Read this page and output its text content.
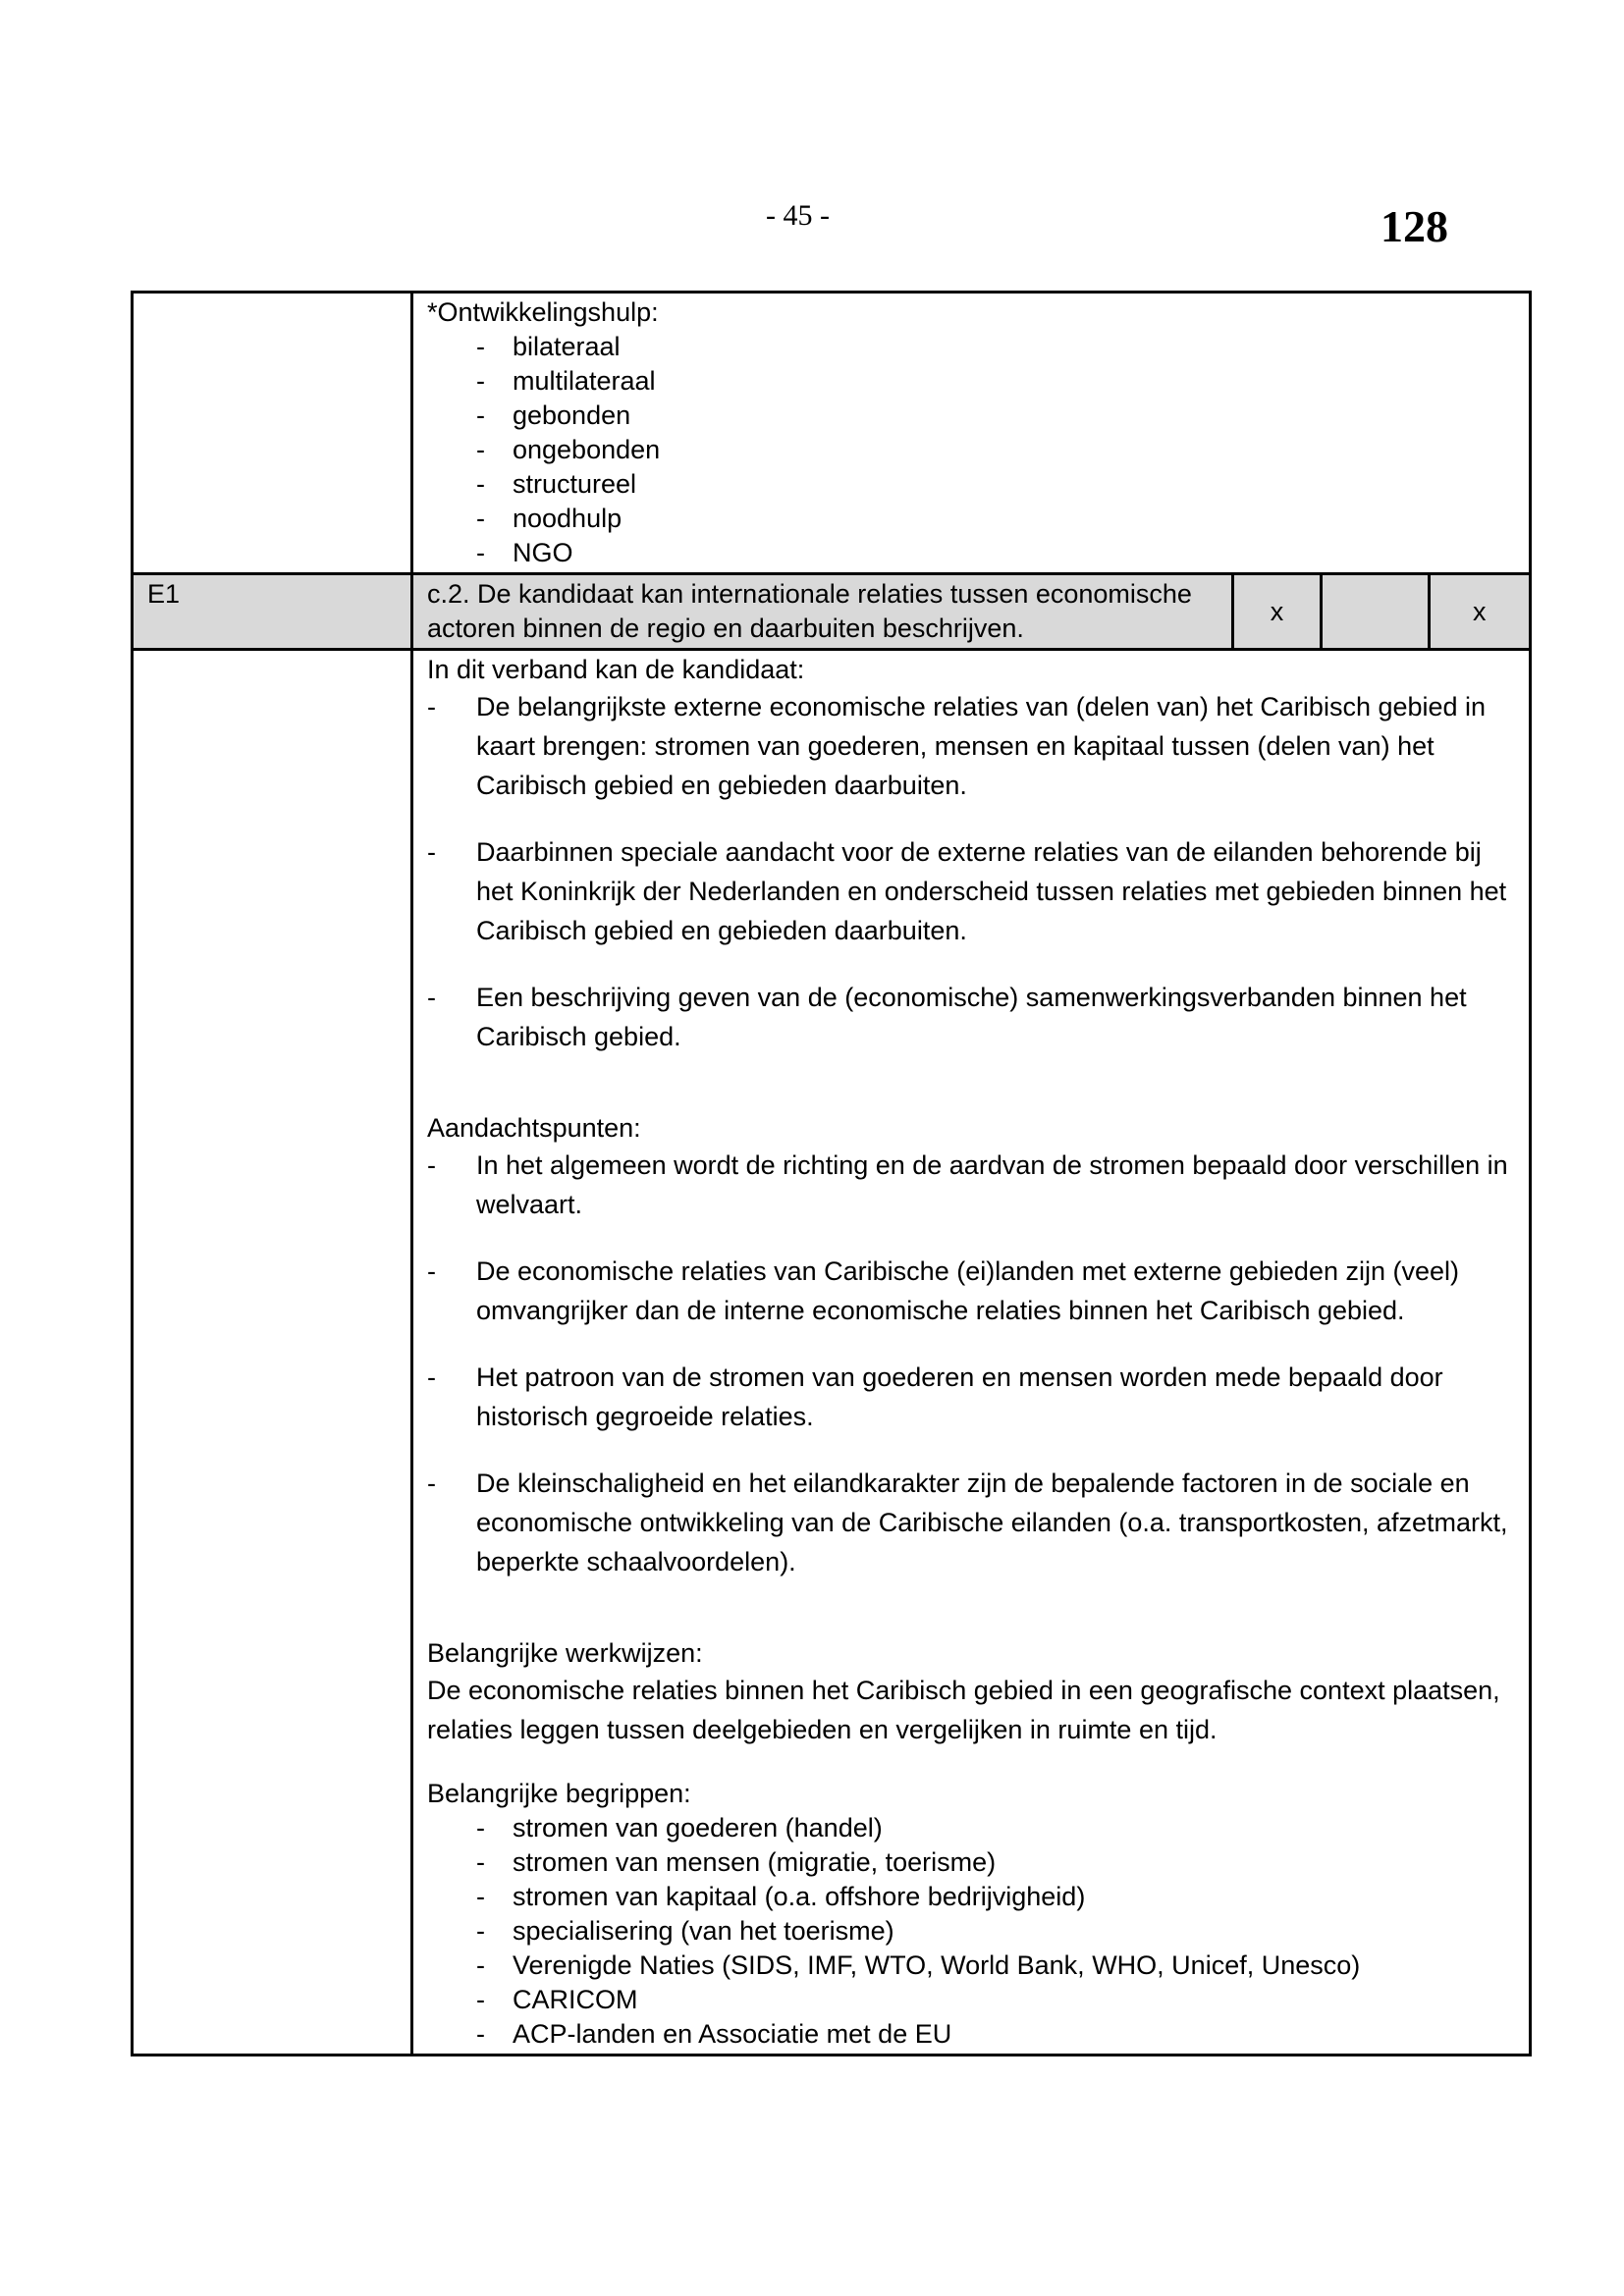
- 45 -	128

*Ontwikkelingshulp:
- bilateraal
- multilateraal
- gebonden
- ongebonden
- structureel
- noodhulp
- NGO

E1	c.2. De kandidaat kan internationale relaties tussen economische actoren binnen de regio en daarbuiten beschrijven.	x		x

In dit verband kan de kandidaat:
- De belangrijkste externe economische relaties van (delen van) het Caribisch gebied in kaart brengen: stromen van goederen, mensen en kapitaal tussen (delen van) het Caribisch gebied en gebieden daarbuiten.
- Daarbinnen speciale aandacht voor de externe relaties van de eilanden behorende bij het Koninkrijk der Nederlanden en onderscheid tussen relaties met gebieden binnen het Caribisch gebied en gebieden daarbuiten.
- Een beschrijving geven van de (economische) samenwerkingsverbanden binnen het Caribisch gebied.
Aandachtspunten:
- In het algemeen wordt de richting en de aardvan de stromen bepaald door verschillen in welvaart.
- De economische relaties van Caribische (ei)landen met externe gebieden zijn (veel) omvangrijker dan de interne economische relaties binnen het Caribisch gebied.
- Het patroon van de stromen van goederen en mensen worden mede bepaald door historisch gegroeide relaties.
- De kleinschaligheid en het eilandkarakter zijn de bepalende factoren in de sociale en economische ontwikkeling van de Caribische eilanden (o.a. transportkosten, afzetmarkt, beperkte schaalvoordelen).
Belangrijke werkwijzen:
De economische relaties binnen het Caribisch gebied in een geografische context plaatsen, relaties leggen tussen deelgebieden en vergelijken in ruimte en tijd.
Belangrijke begrippen:
- stromen van goederen (handel)
- stromen van mensen (migratie, toerisme)
- stromen van kapitaal (o.a. offshore bedrijvigheid)
- specialisering (van het toerisme)
- Verenigde Naties (SIDS, IMF, WTO, World Bank, WHO, Unicef, Unesco)
- CARICOM
- ACP-landen en Associatie met de EU
